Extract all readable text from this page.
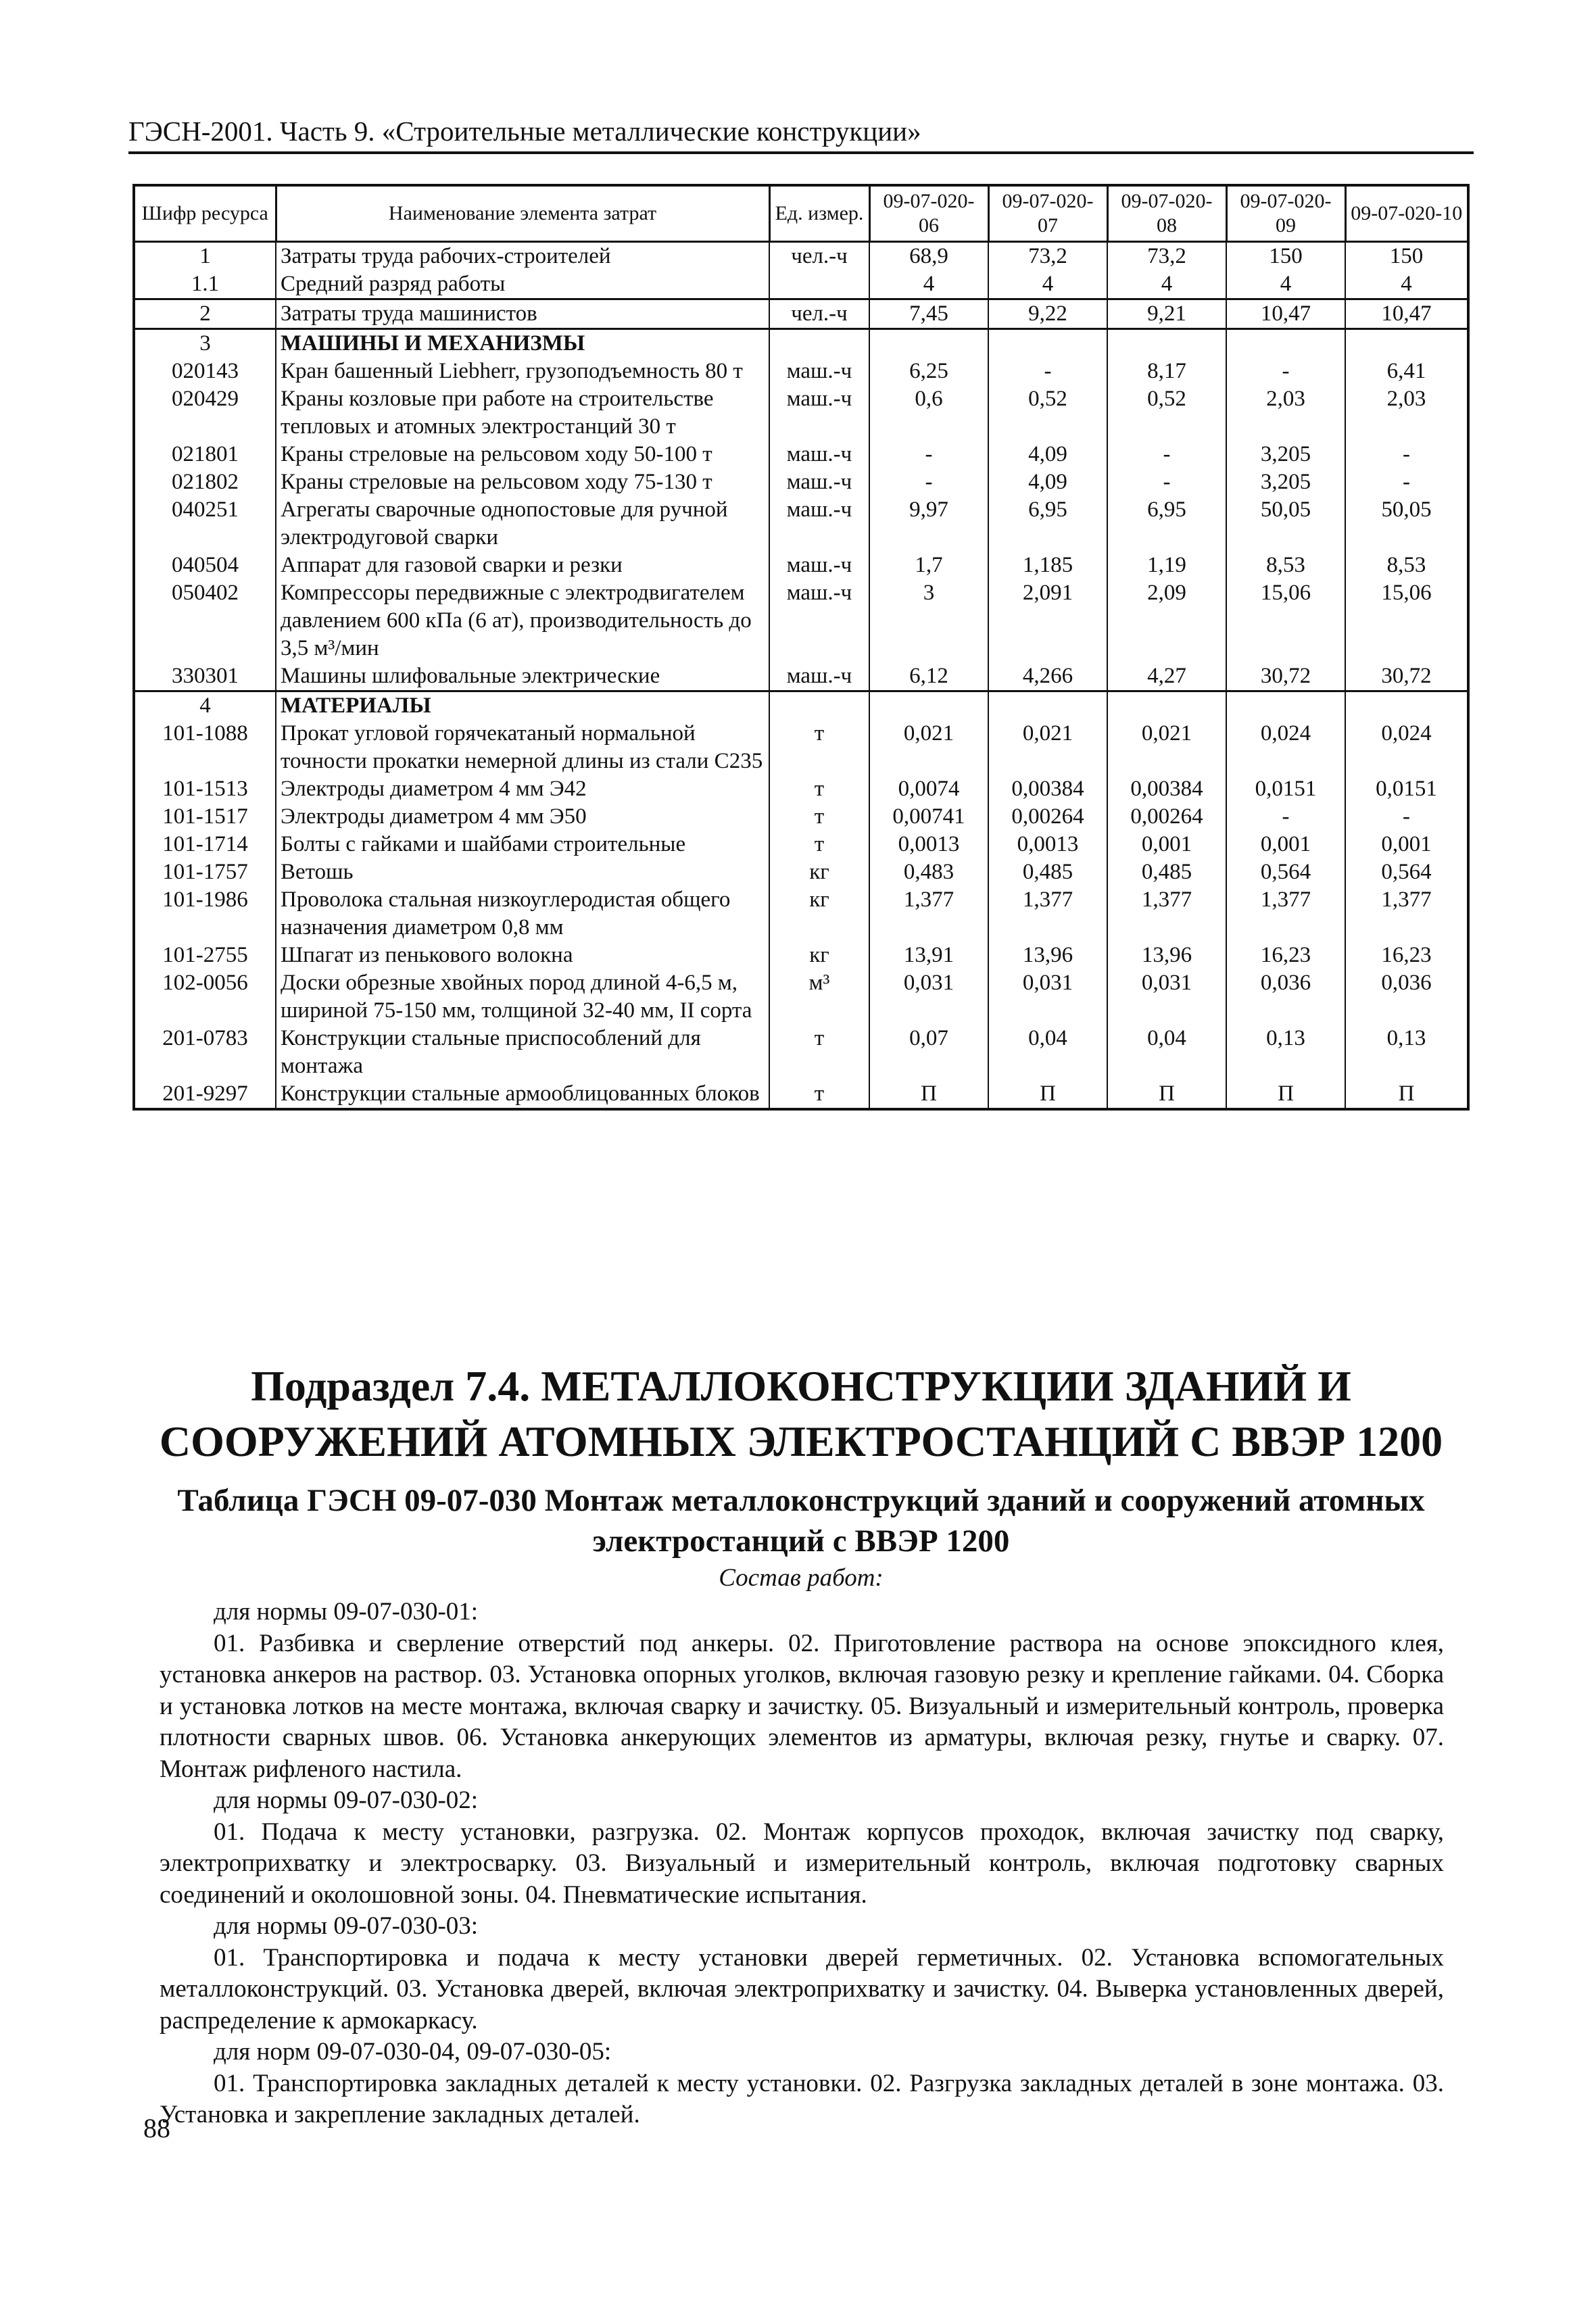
ГЭСН-2001. Часть 9. «Строительные металлические конструкции»
Шифр ресурса	Наименование элемента затрат	Ед. измер.	09-07-020-06	09-07-020-07	09-07-020-08	09-07-020-09	09-07-020-10
1	Затраты труда рабочих-строителей	чел.-ч	68,9	73,2	73,2	150	150
1.1	Средний разряд работы		4	4	4	4	4
2	Затраты труда машинистов	чел.-ч	7,45	9,22	9,21	10,47	10,47
3	МАШИНЫ И МЕХАНИЗМЫ						
020143	Кран башенный Liebherr, грузоподъемность 80 т	маш.-ч	6,25	-	8,17	-	6,41
020429	Краны козловые при работе на строительстве тепловых и атомных электростанций 30 т	маш.-ч	0,6	0,52	0,52	2,03	2,03
021801	Краны стреловые на рельсовом ходу 50-100 т	маш.-ч	-	4,09	-	3,205	-
021802	Краны стреловые на рельсовом ходу 75-130 т	маш.-ч	-	4,09	-	3,205	-
040251	Агрегаты сварочные однопостовые для ручной электродуговой сварки	маш.-ч	9,97	6,95	6,95	50,05	50,05
040504	Аппарат для газовой сварки и резки	маш.-ч	1,7	1,185	1,19	8,53	8,53
050402	Компрессоры передвижные с электродвигателем давлением 600 кПа (6 ат), производительность до 3,5 м³/мин	маш.-ч	3	2,091	2,09	15,06	15,06
330301	Машины шлифовальные электрические	маш.-ч	6,12	4,266	4,27	30,72	30,72
4	МАТЕРИАЛЫ						
101-1088	Прокат угловой горячекатаный нормальной точности прокатки немерной длины из стали С235	т	0,021	0,021	0,021	0,024	0,024
101-1513	Электроды диаметром 4 мм Э42	т	0,0074	0,00384	0,00384	0,0151	0,0151
101-1517	Электроды диаметром 4 мм Э50	т	0,00741	0,00264	0,00264	-	-
101-1714	Болты с гайками и шайбами строительные	т	0,0013	0,0013	0,001	0,001	0,001
101-1757	Ветошь	кг	0,483	0,485	0,485	0,564	0,564
101-1986	Проволока стальная низкоуглеродистая общего назначения диаметром 0,8 мм	кг	1,377	1,377	1,377	1,377	1,377
101-2755	Шпагат из пенькового волокна	кг	13,91	13,96	13,96	16,23	16,23
102-0056	Доски обрезные хвойных пород длиной 4-6,5 м, шириной 75-150 мм, толщиной 32-40 мм, II сорта	м³	0,031	0,031	0,031	0,036	0,036
201-0783	Конструкции стальные приспособлений для монтажа	т	0,07	0,04	0,04	0,13	0,13
201-9297	Конструкции стальные армооблицованных блоков	т	П	П	П	П	П
Подраздел 7.4. МЕТАЛЛОКОНСТРУКЦИИ ЗДАНИЙ И СООРУЖЕНИЙ АТОМНЫХ ЭЛЕКТРОСТАНЦИЙ С ВВЭР 1200
Таблица ГЭСН 09-07-030 Монтаж металлоконструкций зданий и сооружений атомных электростанций с ВВЭР 1200
Состав работ:
для нормы 09-07-030-01:

01. Разбивка и сверление отверстий под анкеры. 02. Приготовление раствора на основе эпоксидного клея, установка анкеров на раствор. 03. Установка опорных уголков, включая газовую резку и крепление гайками. 04. Сборка и установка лотков на месте монтажа, включая сварку и зачистку. 05. Визуальный и измерительный контроль, проверка плотности сварных швов. 06. Установка анкерующих элементов из арматуры, включая резку, гнутье и сварку. 07. Монтаж рифленого настила.

для нормы 09-07-030-02:

01. Подача к месту установки, разгрузка. 02. Монтаж корпусов проходок, включая зачистку под сварку, электроприхватку и электросварку. 03. Визуальный и измерительный контроль, включая подготовку сварных соединений и околошовной зоны. 04. Пневматические испытания.

для нормы 09-07-030-03:

01. Транспортировка и подача к месту установки дверей герметичных. 02. Установка вспомогательных металлоконструкций. 03. Установка дверей, включая электроприхватку и зачистку. 04. Выверка установленных дверей, распределение к армокаркасу.

для норм 09-07-030-04, 09-07-030-05:

01. Транспортировка закладных деталей к месту установки. 02. Разгрузка закладных деталей в зоне монтажа. 03. Установка и закрепление закладных деталей.

88
